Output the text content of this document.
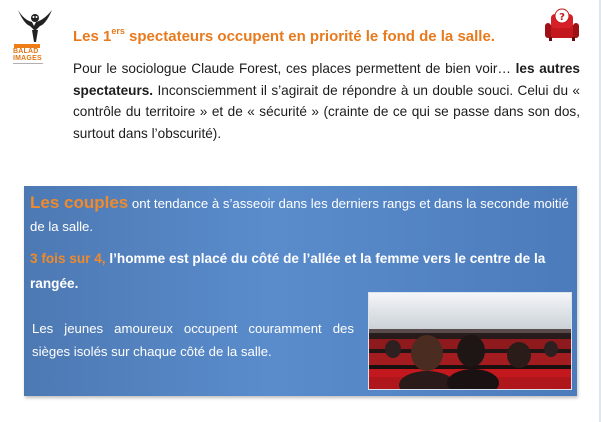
BALAD IMAGES
Les 1ers spectateurs occupent en priorité le fond de la salle.
?

Pour le sociologue Claude Forest, ces places permettent de bien voir… les autres spectateurs. Inconsciemment il s’agirait de répondre à un double souci. Celui du « contrôle du territoire » et de « sécurité » (crainte de ce qui se passe dans son dos, surtout dans l’obscurité).

Les couples ont tendance à s’asseoir dans les derniers rangs et dans la seconde moitié de la salle.

3 fois sur 4, l’homme est placé du côté de l’allée et la femme vers le centre de la rangée.

Les jeunes amoureux occupent couramment des sièges isolés sur chaque côté de la salle.
